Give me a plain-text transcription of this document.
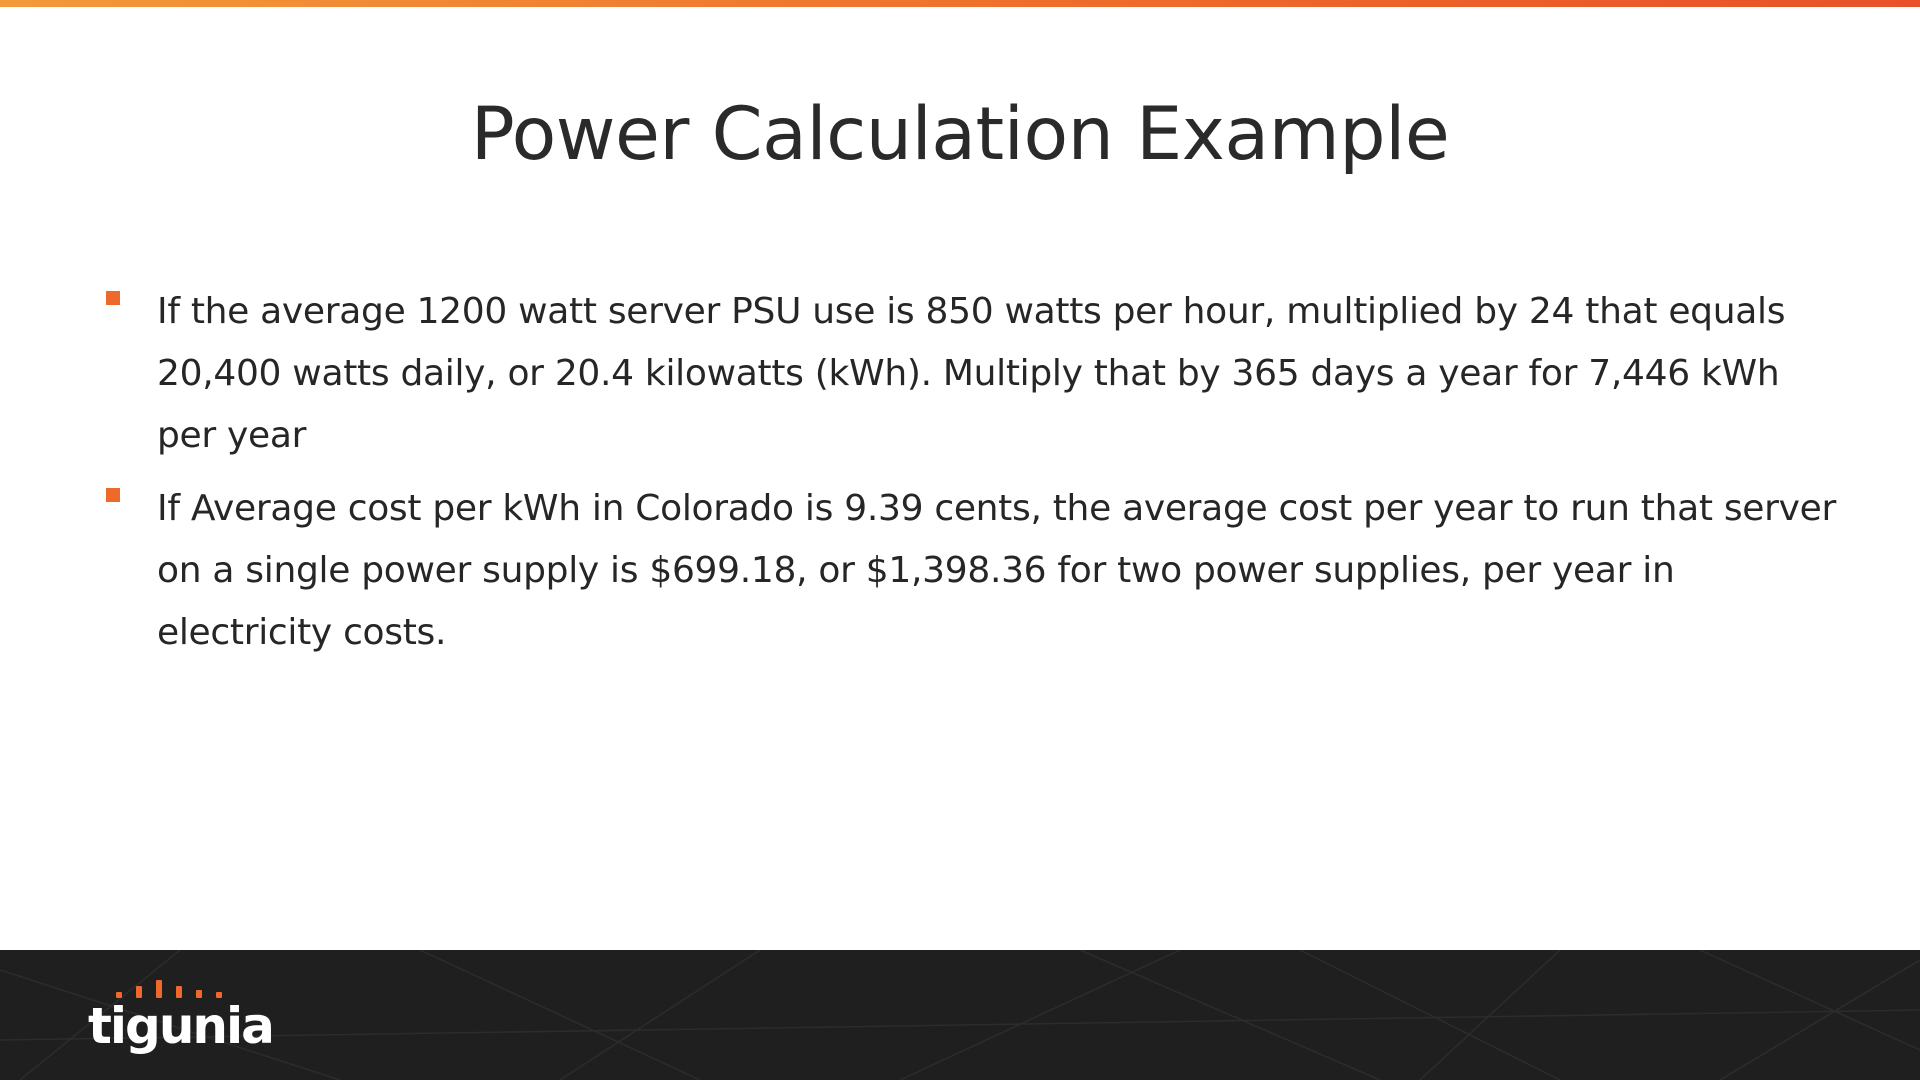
Power Calculation Example
If the average 1200 watt server PSU use is 850 watts per hour, multiplied by 24 that equals 20,400 watts daily, or 20.4 kilowatts (kWh). Multiply that by 365 days a year for 7,446 kWh per year
If Average cost per kWh in Colorado is 9.39 cents, the average cost per year to run that server on a single power supply is $699.18, or $1,398.36 for two power supplies, per year in electricity costs.
tigunia
